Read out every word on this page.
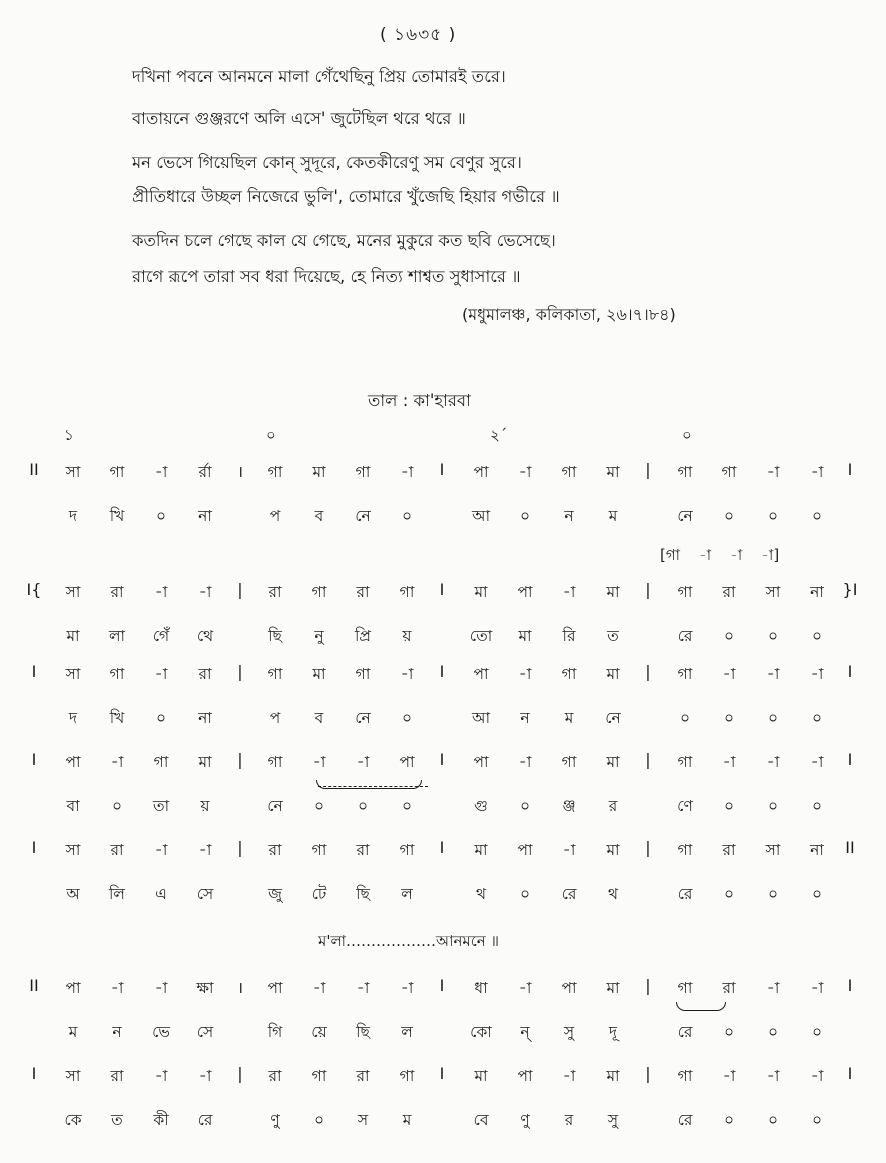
( ১৬৩৫ )
দখিনা পবনে আনমনে মালা গেঁথেছিনু প্রিয় তোমারই তরে।
বাতায়নে গুঞ্জরণে অলি এসে' জুটেছিল থরে থরে ॥
মন ভেসে গিয়েছিল কোন্ সুদূরে, কেতকীরেণু সম বেণুর সুরে।
প্রীতিধারে উচ্ছল নিজেরে ভুলি', তোমারে খুঁজেছি হিয়ার গভীরে ॥
কতদিন চলে গেছে কাল যে গেছে, মনের মুকুরে কত ছবি ভেসেছে।
রাগে রূপে তারা সব ধরা দিয়েছে, হে নিত্য শাশ্বত সুধাসারে ॥
(মধুমালঞ্চ, কলিকাতা, ২৬।৭।৮৪)
তাল : কা'হারবা
১	০	২´	০
[গা -া -া -া]
ম'লা………………আনমনে ॥
II	সা	গা	-া	র্রা	।	গা	মা	গা	-া	I	পা	-া	গা	মা	|	গা	গা	-া	-া	I
দ	খি	০	না	প	ব	নে	০	আ	০	ন	ম	নে	০	০	০
I{	সা	রা	-া	-া	|	রা	গা	রা	গা	I	মা	পা	-া	মা	|	গা	রা	সা	না	}I
মা	লা	গেঁ	থে	ছি	নু	প্রি	য়	তো	মা	রি	ত	রে	০	০	০
I	সা	গা	-া	রা	|	গা	মা	গা	-া	I	পা	-া	গা	মা	|	গা	-া	-া	-া	I
দ	খি	০	না	প	ব	নে	০	আ	ন	ম	নে	০	০	০	০
I	পা	-া	গা	মা	|	গা	-া	-া	পা	I	পা	-া	গা	মা	|	গা	-া	-া	-া	I
বা	০	তা	য়	নে	০	০	০	গু	০	ঞ্জ	র	ণে	০	০	০
I	সা	রা	-া	-া	|	রা	গা	রা	গা	I	মা	পা	-া	মা	|	গা	রা	সা	না	II
অ	লি	এ	সে	জু	টে	ছি	ল	থ	০	রে	থ	রে	০	০	০
II	পা	-া	-া	ক্ষা	।	পা	-া	-া	-া	I	ধা	-া	পা	মা	|	গা	রা	-া	-া	I
ম	ন	ভে	সে	গি	য়ে	ছি	ল	কো	ন্	সু	দূ	রে	০	০	০
I	সা	রা	-া	-া	|	রা	গা	রা	গা	I	মা	পা	-া	মা	|	গা	-া	-া	-া	I
কে	ত	কী	রে	ণু	০	স	ম	বে	ণু	র	সু	রে	০	০	০
